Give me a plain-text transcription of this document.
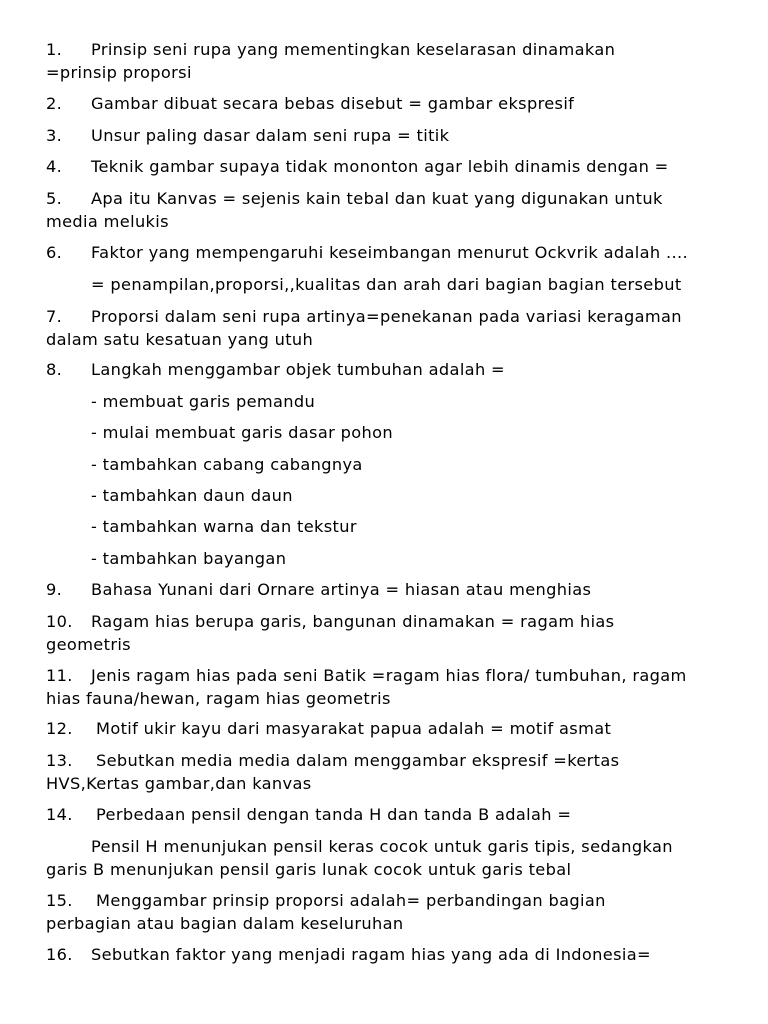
1. Prinsip seni rupa yang mementingkan keselarasan dinamakan
=prinsip proporsi
2. Gambar dibuat secara bebas disebut = gambar ekspresif
3. Unsur paling dasar dalam seni rupa = titik
4. Teknik gambar supaya tidak mononton agar lebih dinamis dengan =
5. Apa itu Kanvas = sejenis kain tebal dan kuat yang digunakan untuk
media melukis
6. Faktor yang mempengaruhi keseimbangan menurut Ockvrik adalah ....
= penampilan,proporsi,,kualitas dan arah dari bagian bagian tersebut
7. Proporsi dalam seni rupa artinya=penekanan pada variasi keragaman
dalam satu kesatuan yang utuh
8. Langkah menggambar objek tumbuhan adalah =
- membuat garis pemandu
- mulai membuat garis dasar pohon
- tambahkan cabang cabangnya
- tambahkan daun daun
- tambahkan warna dan tekstur
- tambahkan bayangan
9. Bahasa Yunani dari Ornare artinya = hiasan atau menghias
10. Ragam hias berupa garis, bangunan dinamakan = ragam hias
geometris
11. Jenis ragam hias pada seni Batik =ragam hias flora/ tumbuhan, ragam
hias fauna/hewan, ragam hias geometris
12. Motif ukir kayu dari masyarakat papua adalah = motif asmat
13. Sebutkan media media dalam menggambar ekspresif =kertas
HVS,Kertas gambar,dan kanvas
14. Perbedaan pensil dengan tanda H dan tanda B adalah =
Pensil H menunjukan pensil keras cocok untuk garis tipis, sedangkan
garis B menunjukan pensil garis lunak cocok untuk garis tebal
15. Menggambar prinsip proporsi adalah= perbandingan bagian
perbagian atau bagian dalam keseluruhan
16. Sebutkan faktor yang menjadi ragam hias yang ada di Indonesia=
